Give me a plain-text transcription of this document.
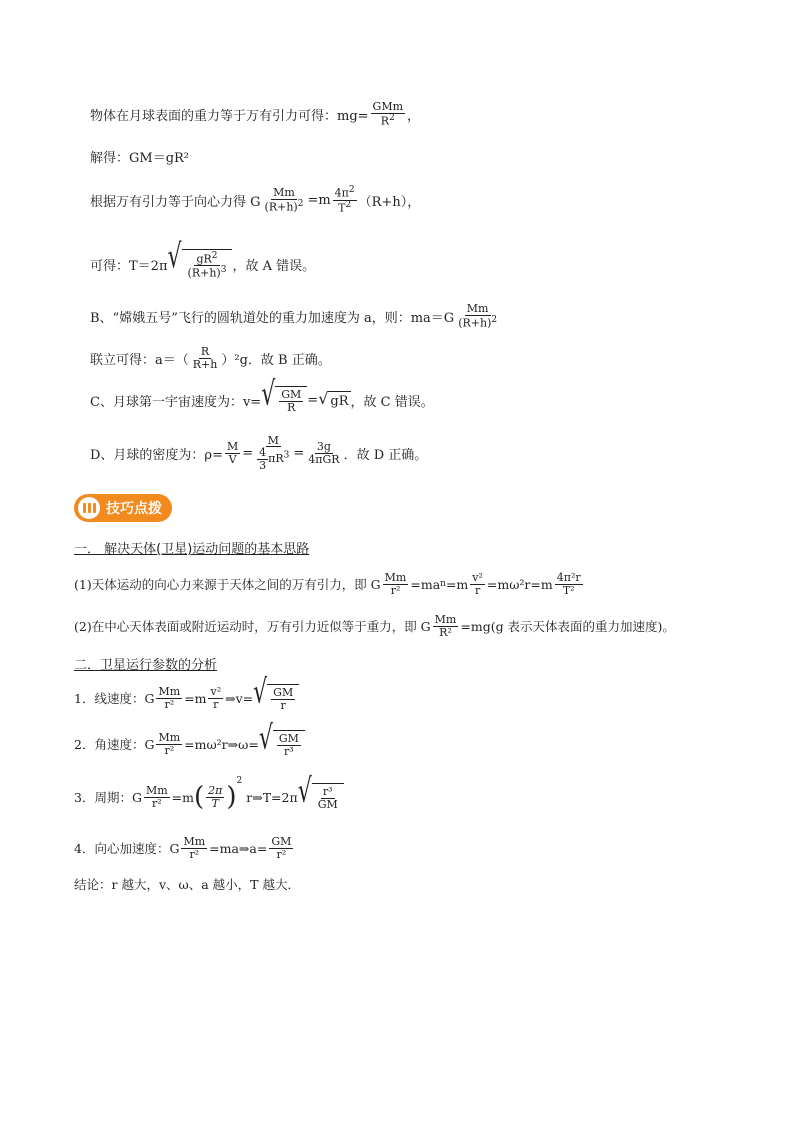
物体在月球表面的重力等于万有引力可得：$mg= \frac{\text{GMm}}{R^2}$ ，
解得：GM＝gR²
根据万有引力等于向心力得 G $\frac{Mm}{(R+h)^2} =m \frac{4\pi^2}{T^2} (R+h)$，
可得：T＝2π √ $\frac{gR^2}{(R+h)^3}$ ，故 A 错误。
B、“嫦娥五号”飞行的圆轨道处的重力加速度为 a，则：$ma=G \frac{Mm}{(R+h)^2}$
联立可得：$a=( \frac{R}{R+h} )^2g$．故 B 正确。
C、月球第一宇宙速度为：v= √ $\frac{GM}{R}$ = √ gR ，故 C 错误。
D、月球的密度为：$\rho= \frac{M}{V} = \frac{M}{\frac{4}{3} \pi R^3} = \frac{3g}{\text{4πGR}}$ ．故 D 正确。
技巧点拨
一． 解决天体(卫星)运动问题的基本思路
(1)天体运动的向心力来源于天体之间的万有引力，即 G $\frac{Mm}{\text{r²}} =ma$ $n =m \frac{\text{v²}}{r} =m\omega^2r=m \frac{\text{4π²r}}{\text{T²}}$
(2)在中心天体表面或附近运动时，万有引力近似等于重力，即 G $\frac{Mm}{\text{R²}} =mg(g$ 表示天体表面的重力加速度)。
二．卫星运行参数的分析
1．线速度：G $\frac{Mm}{\text{r²}} =m \frac{\text{v²}}{r}$ ⇒v= √ $\frac{GM}{r}$
2．角速度：G $\frac{Mm}{\text{r²}}$ =mω²r⇒ω= √ $\frac{GM}{\text{r³}}$
3．周期：G $\frac{Mm}{\text{r²}} =m$ ( $\frac{2\pi}{T}$ )
2
r⇒T=2π √ $\frac{\text{r³}}{GM}$
4．向心加速度：G $\frac{Mm}{\text{r²}}$ =ma⇒a= $\frac{GM}{\text{r²}}$
结论：r 越大，v、ω、a 越小，T 越大．
